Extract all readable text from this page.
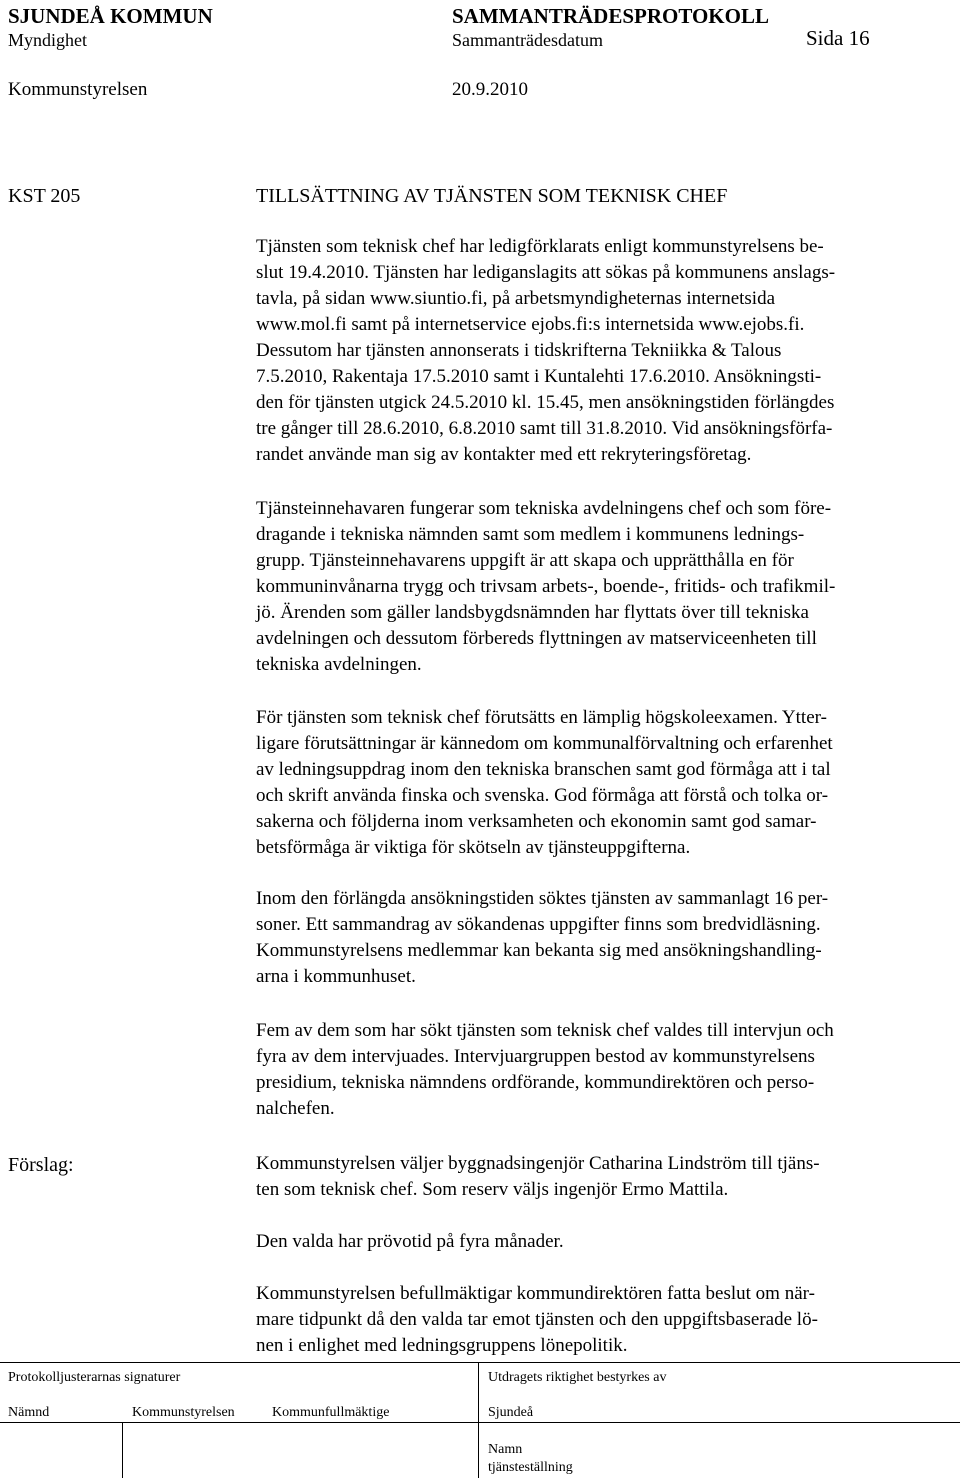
SJUNDEÅ KOMMUN	SAMMANTRÄDESPROTOKOLL
Myndighet	Sammanträdesdatum	Sida 16
Kommunstyrelsen	20.9.2010
KST 205	TILLSÄTTNING AV TJÄNSTEN SOM TEKNISK CHEF
Tjänsten som teknisk chef har ledigförklarats enligt kommunstyrelsens be-
slut 19.4.2010. Tjänsten har lediganslagits att sökas på kommunens anslags-
tavla, på sidan www.siuntio.fi, på arbetsmyndigheternas internetsida
www.mol.fi samt på internetservice ejobs.fi:s internetsida www.ejobs.fi.
Dessutom har tjänsten annonserats i tidskrifterna Tekniikka & Talous
7.5.2010, Rakentaja 17.5.2010 samt i Kuntalehti 17.6.2010. Ansökningsti-
den för tjänsten utgick 24.5.2010 kl. 15.45, men ansökningstiden förlängdes
tre gånger till 28.6.2010, 6.8.2010 samt till 31.8.2010. Vid ansökningsförfa-
randet använde man sig av kontakter med ett rekryteringsföretag.
Tjänsteinnehavaren fungerar som tekniska avdelningens chef och som före-
dragande i tekniska nämnden samt som medlem i kommunens lednings-
grupp. Tjänsteinnehavarens uppgift är att skapa och upprätthålla en för
kommuninvånarna trygg och trivsam arbets-, boende-, fritids- och trafikmil-
jö. Ärenden som gäller landsbygdsnämnden har flyttats över till tekniska
avdelningen och dessutom förbereds flyttningen av matserviceenheten till
tekniska avdelningen.
För tjänsten som teknisk chef förutsätts en lämplig högskoleexamen. Ytter-
ligare förutsättningar är kännedom om kommunalförvaltning och erfarenhet
av ledningsuppdrag inom den tekniska branschen samt god förmåga att i tal
och skrift använda finska och svenska. God förmåga att förstå och tolka or-
sakerna och följderna inom verksamheten och ekonomin samt god samar-
betsförmåga är viktiga för skötseln av tjänsteuppgifterna.
Inom den förlängda ansökningstiden söktes tjänsten av sammanlagt 16 per-
soner. Ett sammandrag av sökandenas uppgifter finns som bredvidläsning.
Kommunstyrelsens medlemmar kan bekanta sig med ansökningshandling-
arna i kommunhuset.
Fem av dem som har sökt tjänsten som teknisk chef valdes till intervjun och
fyra av dem intervjuades. Intervjuargruppen bestod av kommunstyrelsens
presidium, tekniska nämndens ordförande, kommundirektören och perso-
nalchefen.
Förslag:	Kommunstyrelsen väljer byggnadsingenjör Catharina Lindström till tjäns-
ten som teknisk chef. Som reserv väljs ingenjör Ermo Mattila.
Den valda har prövotid på fyra månader.
Kommunstyrelsen befullmäktigar kommundirektören fatta beslut om när-
mare tidpunkt då den valda tar emot tjänsten och den uppgiftsbaserade lö-
nen i enlighet med ledningsgruppens lönepolitik.
Protokolljusterarnas signaturer	Utdragets riktighet bestyrkes av
Nämnd	Kommunstyrelsen	Kommunfullmäktige	Sjundeå
Namn
tjänsteställning
